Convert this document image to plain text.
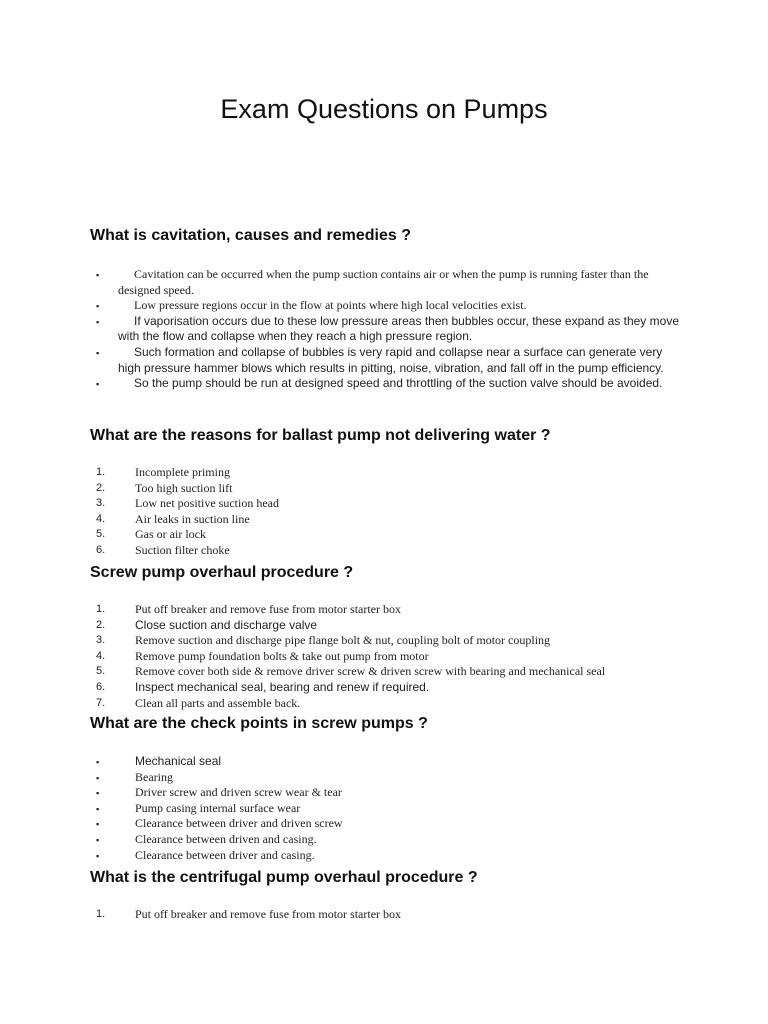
Exam Questions on Pumps
What is cavitation, causes and remedies ?
▪	Cavitation can be occurred when the pump suction contains air or when the pump is running faster than the designed speed.
▪	Low pressure regions occur in the flow at points where high local velocities exist.
▪	If vaporisation occurs due to these low pressure areas then bubbles occur, these expand as they move with the flow and collapse when they reach a high pressure region.
▪	Such formation and collapse of bubbles is very rapid and collapse near a surface can generate very high pressure hammer blows which results in pitting, noise, vibration, and fall off in the pump efficiency.
▪	So the pump should be run at designed speed and throttling of the suction valve should be avoided.
What are the reasons for ballast pump not delivering water ?
1. Incomplete priming
2. Too high suction lift
3. Low net positive suction head
4. Air leaks in suction line
5. Gas or air lock
6. Suction filter choke
Screw pump overhaul procedure ?
1. Put off breaker and remove fuse from motor starter box
2. Close suction and discharge valve
3. Remove suction and discharge pipe flange bolt & nut, coupling bolt of motor coupling
4. Remove pump foundation bolts & take out pump from motor
5. Remove cover both side & remove driver screw & driven screw with bearing and mechanical seal
6. Inspect mechanical seal, bearing and renew if required.
7. Clean all parts and assemble back.
What are the check points in screw pumps ?
▪	Mechanical seal
▪	Bearing
▪	Driver screw and driven screw wear & tear
▪	Pump casing internal surface wear
▪	Clearance between driver and driven screw
▪	Clearance between driven and casing.
▪	Clearance between driver and casing.
What is the centrifugal pump overhaul procedure ?
1. Put off breaker and remove fuse from motor starter box
